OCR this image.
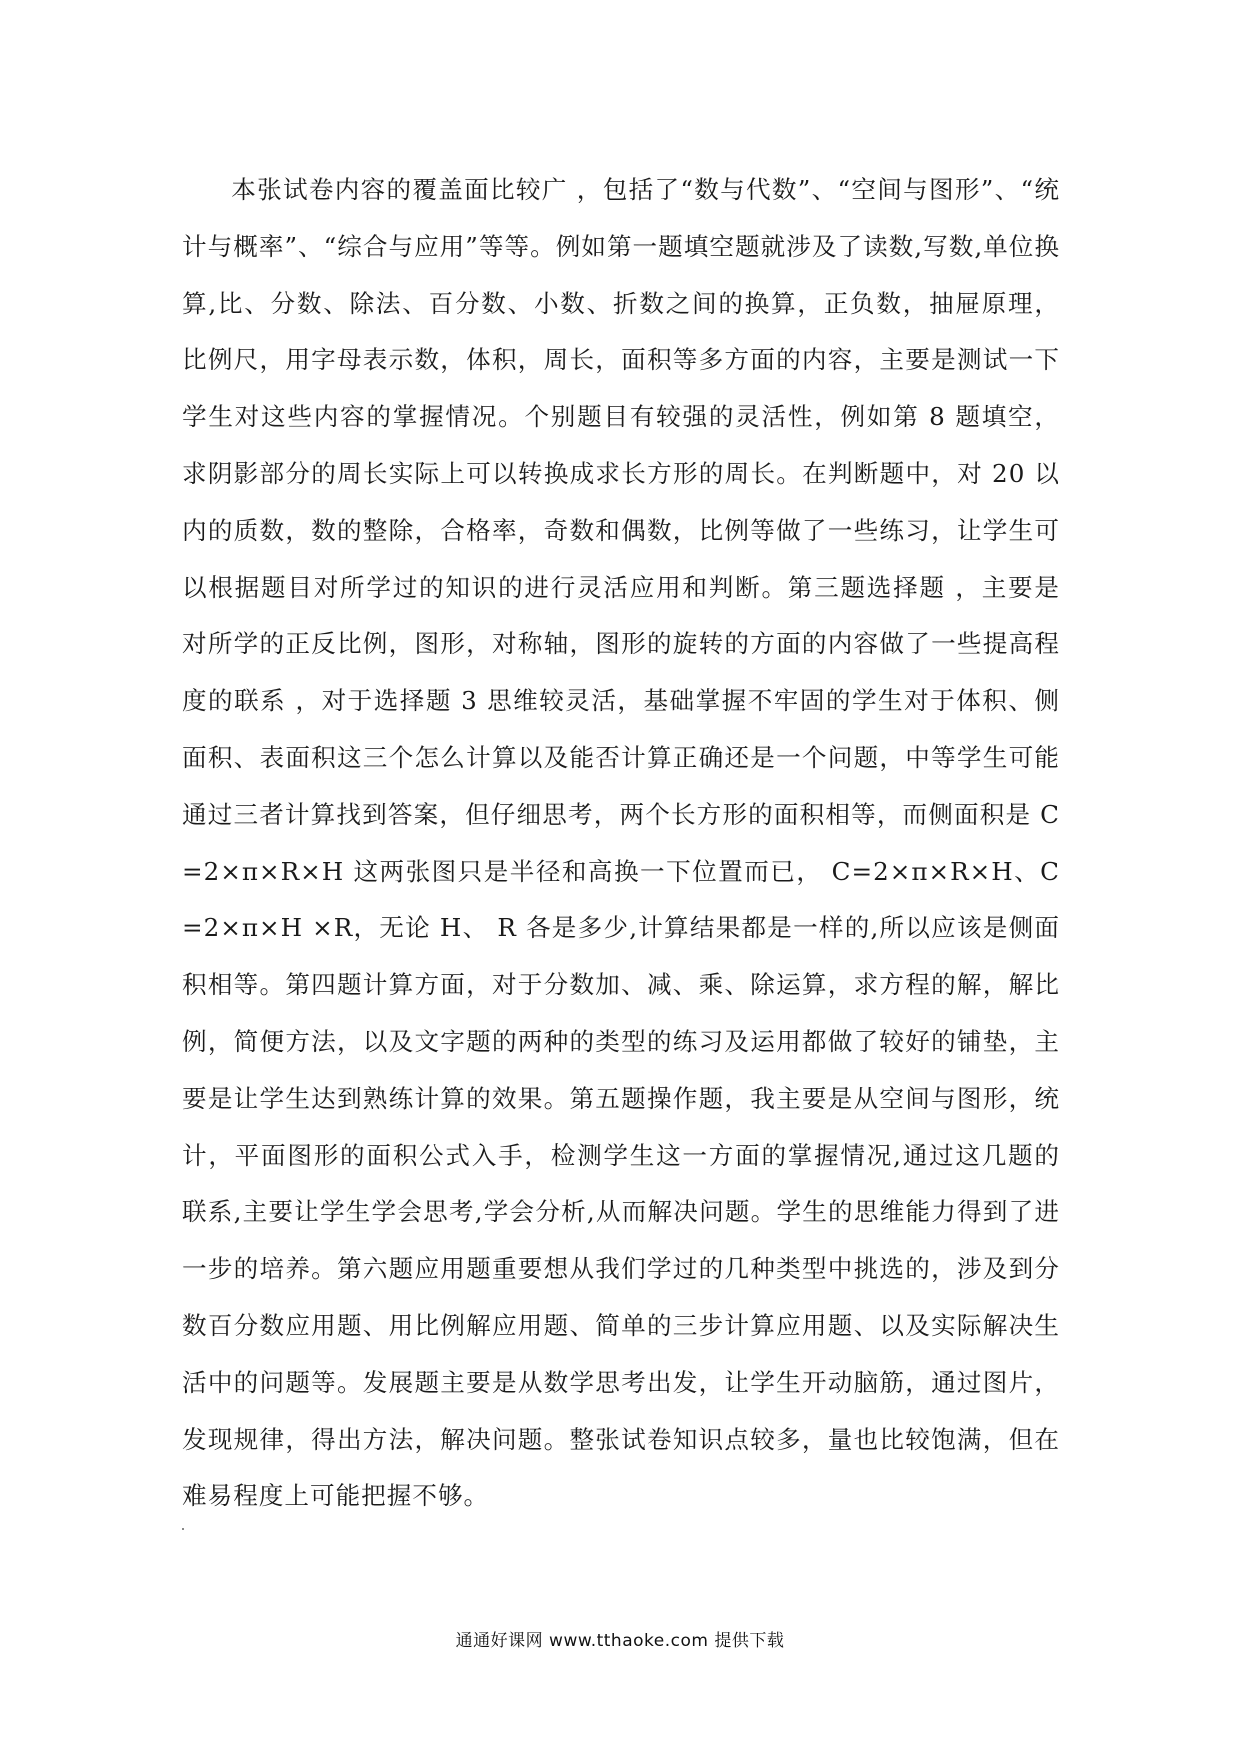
本张试卷内容的覆盖面比较广 ，包括了“数与代数”、“空间与图形”、“统计与概率”、“综合与应用”等等。例如第一题填空题就涉及了读数,写数,单位换算,比、分数、除法、百分数、小数、折数之间的换算，正负数，抽屉原理，比例尺，用字母表示数，体积，周长，面积等多方面的内容，主要是测试一下学生对这些内容的掌握情况。个别题目有较强的灵活性，例如第 8 题填空，求阴影部分的周长实际上可以转换成求长方形的周长。在判断题中，对 20 以内的质数，数的整除，合格率，奇数和偶数，比例等做了一些练习，让学生可以根据题目对所学过的知识的进行灵活应用和判断。第三题选择题 ，主要是对所学的正反比例，图形，对称轴，图形的旋转的方面的内容做了一些提高程度的联系 ，对于选择题 3 思维较灵活，基础掌握不牢固的学生对于体积、侧面积、表面积这三个怎么计算以及能否计算正确还是一个问题，中等学生可能通过三者计算找到答案，但仔细思考，两个长方形的面积相等，而侧面积是 C=2×π×R×H 这两张图只是半径和高换一下位置而已， C=2×π×R×H、C=2×π×H ×R，无论 H、 R 各是多少,计算结果都是一样的,所以应该是侧面积相等。第四题计算方面，对于分数加、减、乘、除运算，求方程的解，解比例，简便方法，以及文字题的两种的类型的练习及运用都做了较好的铺垫，主要是让学生达到熟练计算的效果。第五题操作题，我主要是从空间与图形，统计，平面图形的面积公式入手，检测学生这一方面的掌握情况,通过这几题的联系,主要让学生学会思考,学会分析,从而解决问题。学生的思维能力得到了进一步的培养。第六题应用题重要想从我们学过的几种类型中挑选的，涉及到分数百分数应用题、用比例解应用题、简单的三步计算应用题、以及实际解决生活中的问题等。发展题主要是从数学思考出发，让学生开动脑筋，通过图片，发现规律，得出方法，解决问题。整张试卷知识点较多，量也比较饱满，但在难易程度上可能把握不够。

通通好课网 www.tthaoke.com 提供下载
